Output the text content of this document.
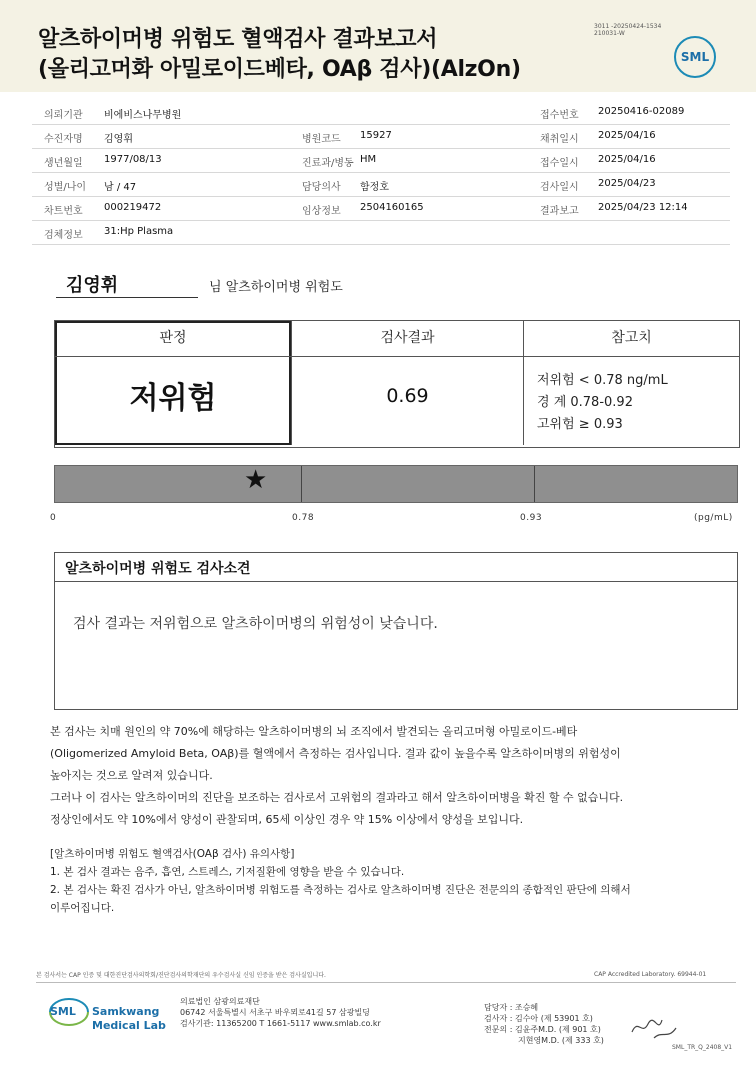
알츠하이머병 위험도 혈액검사 결과보고서
(올리고머화 아밀로이드베타, OAβ 검사)(AlzOn)
3011 -20250424-1534
210031-W
SML
의뢰기관 비에비스나무병원	접수번호 20250416-02089
수진자명 김영휘	병원코드 15927	채취일시 2025/04/16
생년월일 1977/08/13	진료과/병동 HM	접수일시 2025/04/16
성별/나이 남 / 47	담당의사 함정호	검사일시 2025/04/23
차트번호 000219472	임상정보 2504160165	결과보고 2025/04/23 12:14
검체정보 31:Hp Plasma
김영휘	님 알츠하이머병 위험도
판정	검사결과	참고치
저위험	0.69
저위험 < 0.78 ng/mL
경 계 0.78-0.92
고위험 ≥ 0.93
★
0	0.78	0.93	(pg/mL)
알츠하이머병 위험도 검사소견
검사 결과는 저위험으로 알츠하이머병의 위험성이 낮습니다.
본 검사는 치매 원인의 약 70%에 해당하는 알츠하이머병의 뇌 조직에서 발견되는 올리고머형 아밀로이드-베타
(Oligomerized Amyloid Beta, OAβ)를 혈액에서 측정하는 검사입니다. 결과 값이 높을수록 알츠하이머병의 위험성이
높아지는 것으로 알려져 있습니다.
그러나 이 검사는 알츠하이머의 진단을 보조하는 검사로서 고위험의 결과라고 해서 알츠하이머병을 확진 할 수 없습니다.
정상인에서도 약 10%에서 양성이 관찰되며, 65세 이상인 경우 약 15% 이상에서 양성을 보입니다.
[알츠하이머병 위험도 혈액검사(OAβ 검사) 유의사항]
1. 본 검사 결과는 음주, 흡연, 스트레스, 기저질환에 영향을 받을 수 있습니다.
2. 본 검사는 확진 검사가 아닌, 알츠하이머병 위험도를 측정하는 검사로 알츠하이머병 진단은 전문의의 종합적인 판단에 의해서
이루어집니다.
본 검사서는 CAP 인증 및 대한진단검사의학회/진단검사의학재단의 우수검사실 신임 인증을 받은 검사실입니다.	CAP Accredited Laboratory. 69944-01
SML Samkwang
Medical Lab
의료법인 삼광의료재단
06742 서울특별시 서초구 바우뫼로41길 57 삼광빌딩
검사기관: 11365200 T 1661-5117 www.smlab.co.kr
담당자 : 조승혜
검사자 : 김수아 (제 53901 호)
전문의 : 김윤주M.D. (제 901 호)
지현영M.D. (제 333 호)
SML_TR_Q_2408_V1
